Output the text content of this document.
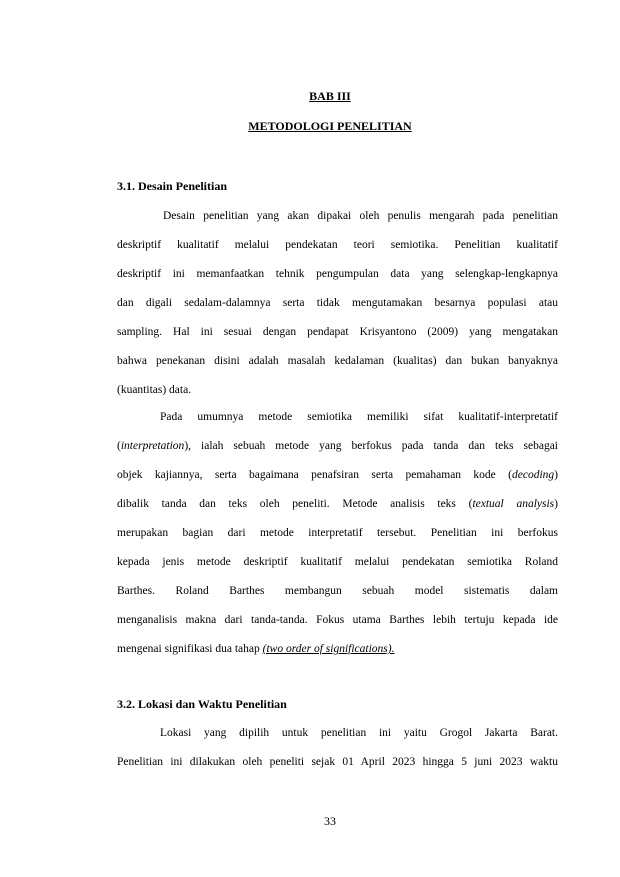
BAB III
METODOLOGI PENELITIAN
3.1. Desain Penelitian
Desain penelitian yang akan dipakai oleh penulis mengarah pada penelitian
deskriptif kualitatif melalui pendekatan teori semiotika. Penelitian kualitatif
deskriptif ini memanfaatkan tehnik pengumpulan data yang selengkap-lengkapnya
dan digali sedalam-dalamnya serta tidak mengutamakan besarnya populasi atau
sampling. Hal ini sesuai dengan pendapat Krisyantono (2009) yang mengatakan
bahwa penekanan disini adalah masalah kedalaman (kualitas) dan bukan banyaknya
(kuantitas) data.
Pada umumnya metode semiotika memiliki sifat kualitatif-interpretatif
(interpretation), ialah sebuah metode yang berfokus pada tanda dan teks sebagai
objek kajiannya, serta bagaimana penafsiran serta pemahaman kode (decoding)
dibalik tanda dan teks oleh peneliti. Metode analisis teks (textual analysis)
merupakan bagian dari metode interpretatif tersebut. Penelitian ini berfokus
kepada jenis metode deskriptif kualitatif melalui pendekatan semiotika Roland
Barthes. Roland Barthes membangun sebuah model sistematis dalam
menganalisis makna dari tanda-tanda. Fokus utama Barthes lebih tertuju kepada ide
mengenai signifikasi dua tahap (two order of significations).
3.2. Lokasi dan Waktu Penelitian
Lokasi yang dipilih untuk penelitian ini yaitu Grogol Jakarta Barat.
Penelitian ini dilakukan oleh peneliti sejak 01 April 2023 hingga 5 juni 2023 waktu
33
